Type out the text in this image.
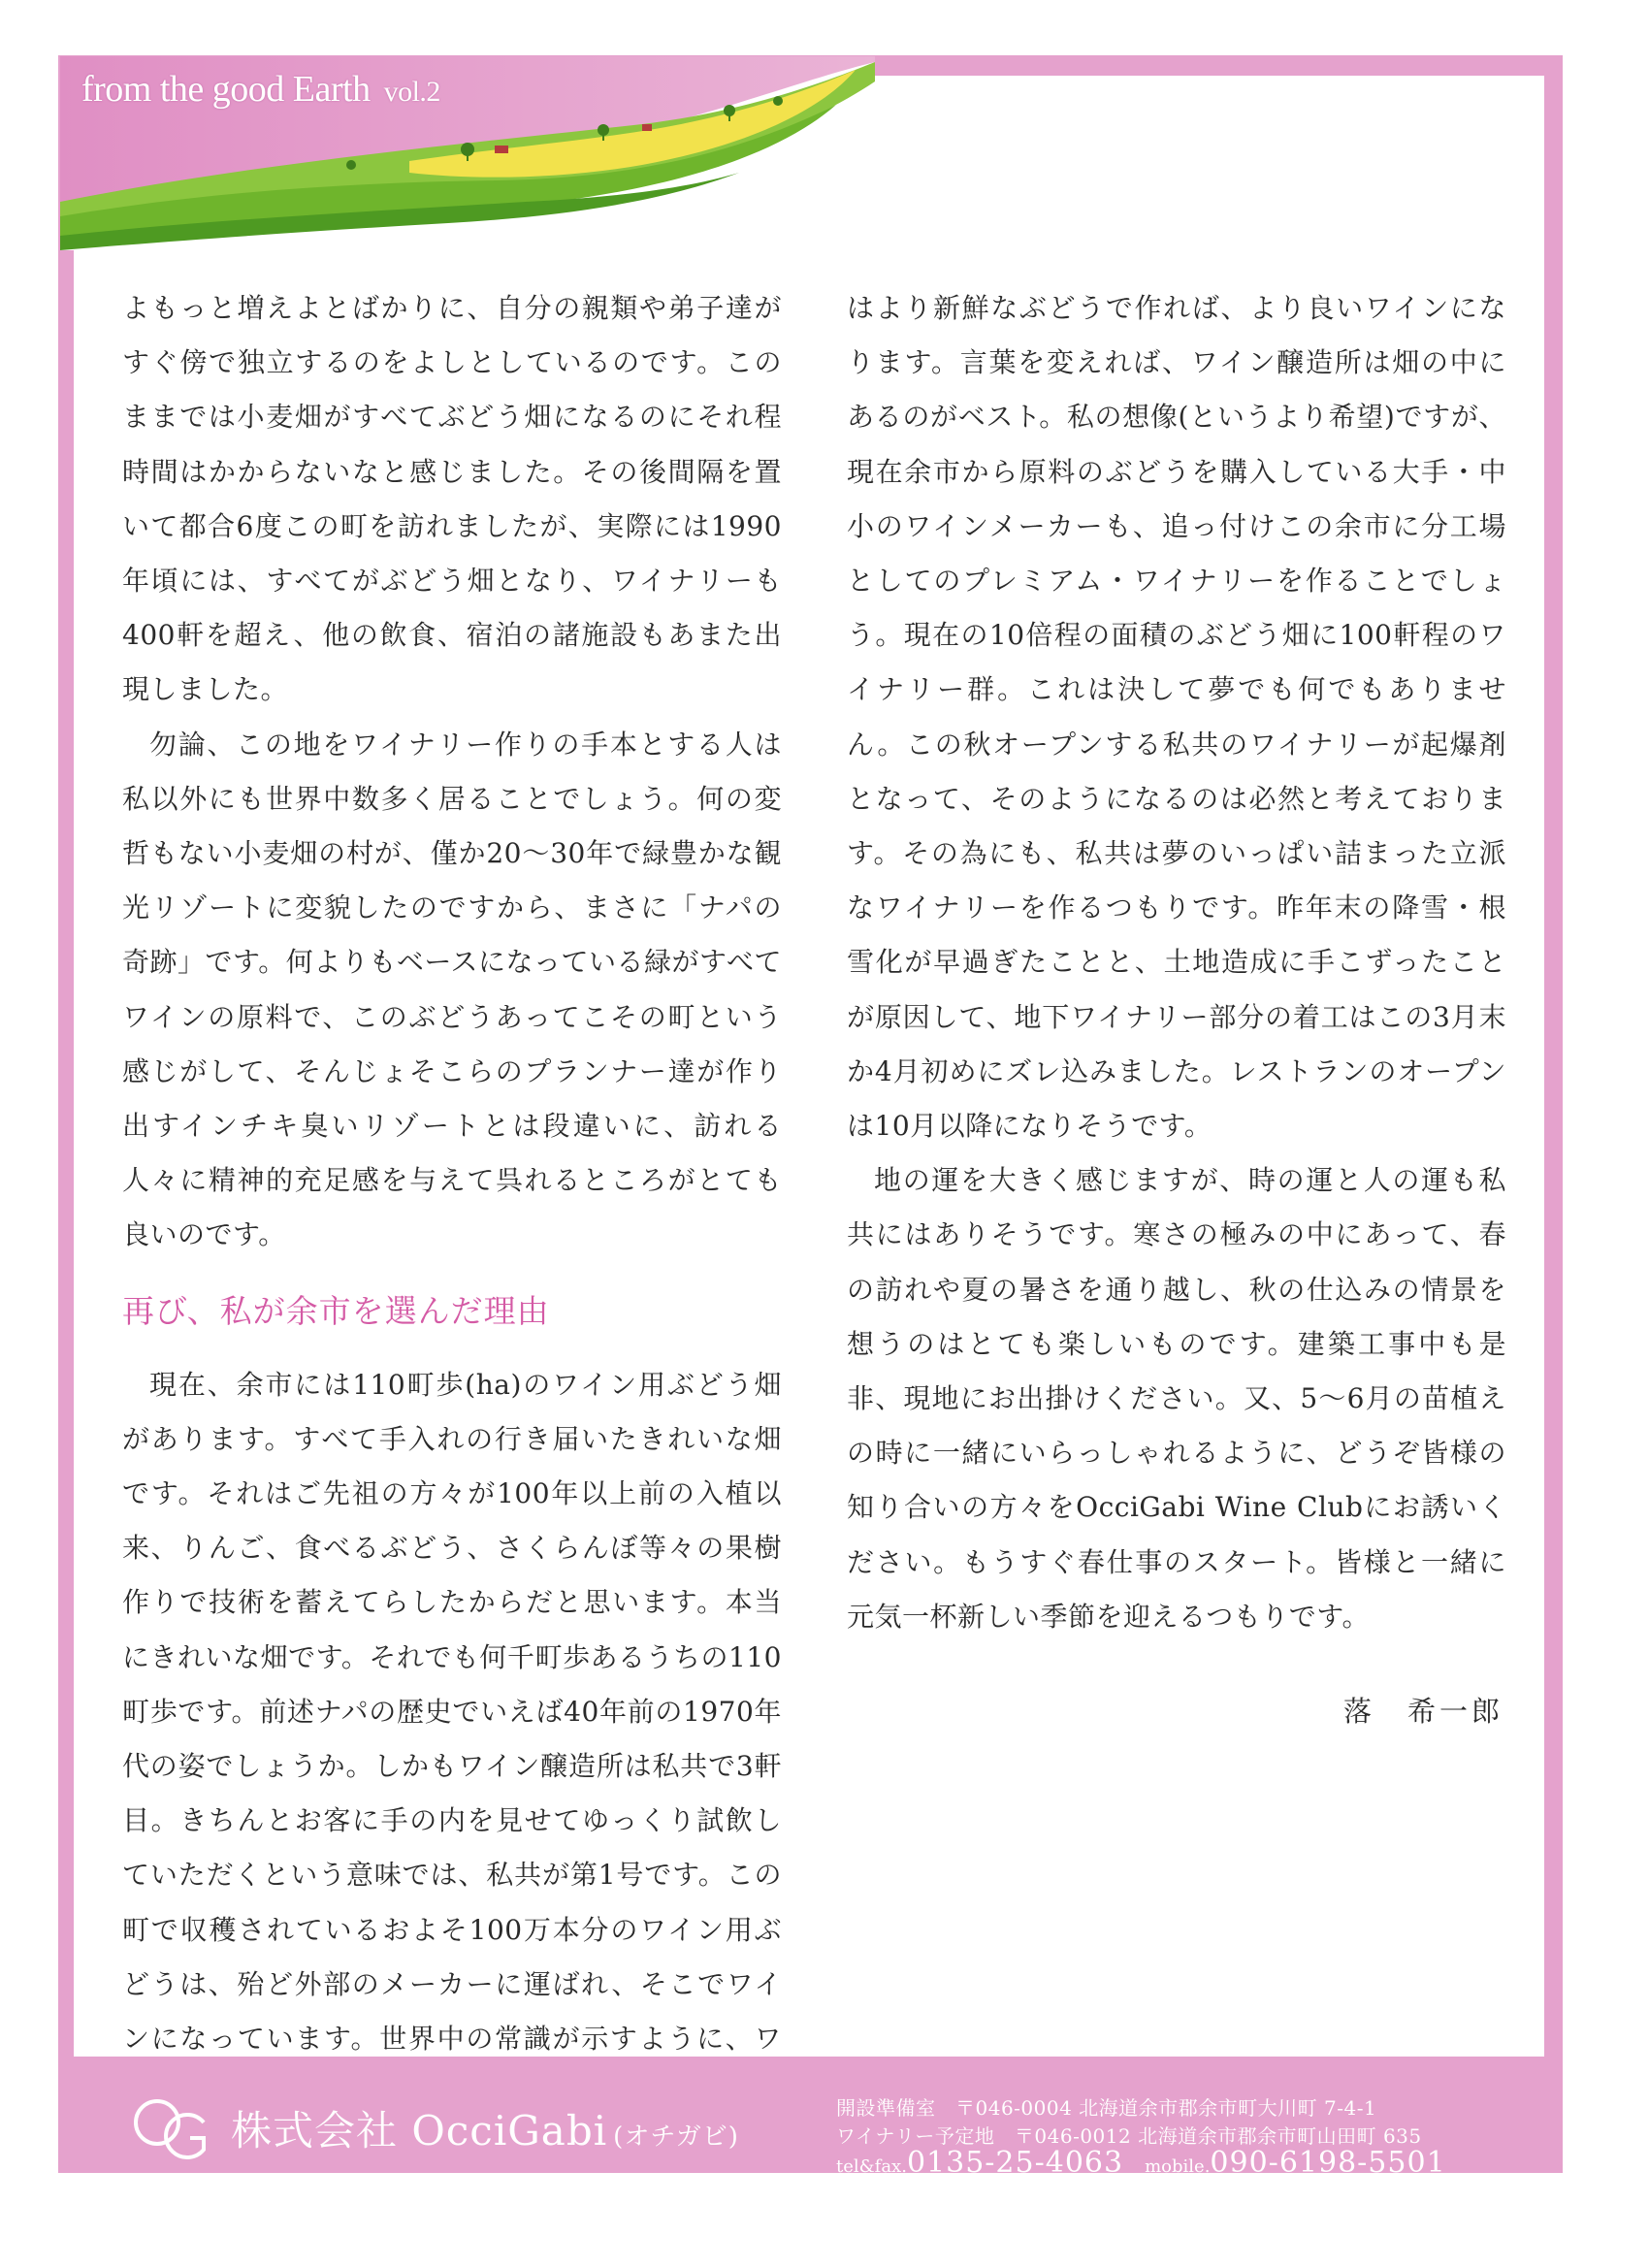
from the good Earth vol.2

よもっと増えよとばかりに、自分の親類や弟子達がすぐ傍で独立するのをよしとしているのです。このままでは小麦畑がすべてぶどう畑になるのにそれ程時間はかからないなと感じました。その後間隔を置いて都合6度この町を訪れましたが、実際には1990年頃には、すべてがぶどう畑となり、ワイナリーも400軒を超え、他の飲食、宿泊の諸施設もあまた出現しました。

勿論、この地をワイナリー作りの手本とする人は私以外にも世界中数多く居ることでしょう。何の変哲もない小麦畑の村が、僅か20〜30年で緑豊かな観光リゾートに変貌したのですから、まさに「ナパの奇跡」です。何よりもベースになっている緑がすべてワインの原料で、このぶどうあってこその町という感じがして、そんじょそこらのプランナー達が作り出すインチキ臭いリゾートとは段違いに、訪れる人々に精神的充足感を与えて呉れるところがとても良いのです。

再び、私が余市を選んだ理由

現在、余市には110町歩(ha)のワイン用ぶどう畑があります。すべて手入れの行き届いたきれいな畑です。それはご先祖の方々が100年以上前の入植以来、りんご、食べるぶどう、さくらんぼ等々の果樹作りで技術を蓄えてらしたからだと思います。本当にきれいな畑です。それでも何千町歩あるうちの110町歩です。前述ナパの歴史でいえば40年前の1970年代の姿でしょうか。しかもワイン醸造所は私共で3軒目。きちんとお客に手の内を見せてゆっくり試飲していただくという意味では、私共が第1号です。この町で収穫されているおよそ100万本分のワイン用ぶどうは、殆ど外部のメーカーに運ばれ、そこでワインになっています。世界中の常識が示すように、ワ

はより新鮮なぶどうで作れば、より良いワインになります。言葉を変えれば、ワイン醸造所は畑の中にあるのがベスト。私の想像(というより希望)ですが、現在余市から原料のぶどうを購入している大手・中小のワインメーカーも、追っ付けこの余市に分工場としてのプレミアム・ワイナリーを作ることでしょう。現在の10倍程の面積のぶどう畑に100軒程のワイナリー群。これは決して夢でも何でもありません。この秋オープンする私共のワイナリーが起爆剤となって、そのようになるのは必然と考えております。その為にも、私共は夢のいっぱい詰まった立派なワイナリーを作るつもりです。昨年末の降雪・根雪化が早過ぎたことと、土地造成に手こずったことが原因して、地下ワイナリー部分の着工はこの3月末か4月初めにズレ込みました。レストランのオープンは10月以降になりそうです。

地の運を大きく感じますが、時の運と人の運も私共にはありそうです。寒さの極みの中にあって、春の訪れや夏の暑さを通り越し、秋の仕込みの情景を想うのはとても楽しいものです。建築工事中も是非、現地にお出掛けください。又、5〜6月の苗植えの時に一緒にいらっしゃれるように、どうぞ皆様の知り合いの方々をOcciGabi Wine Clubにお誘いください。もうすぐ春仕事のスタート。皆様と一緒に元気一杯新しい季節を迎えるつもりです。

落　希一郎
株式会社 OcciGabi (オチガビ)
開設準備室　〒046-0004 北海道余市郡余市町大川町 7-4-1
ワイナリー予定地　〒046-0012 北海道余市郡余市町山田町 635
tel&fax.0135-25-4063 mobile.090-6198-5501
